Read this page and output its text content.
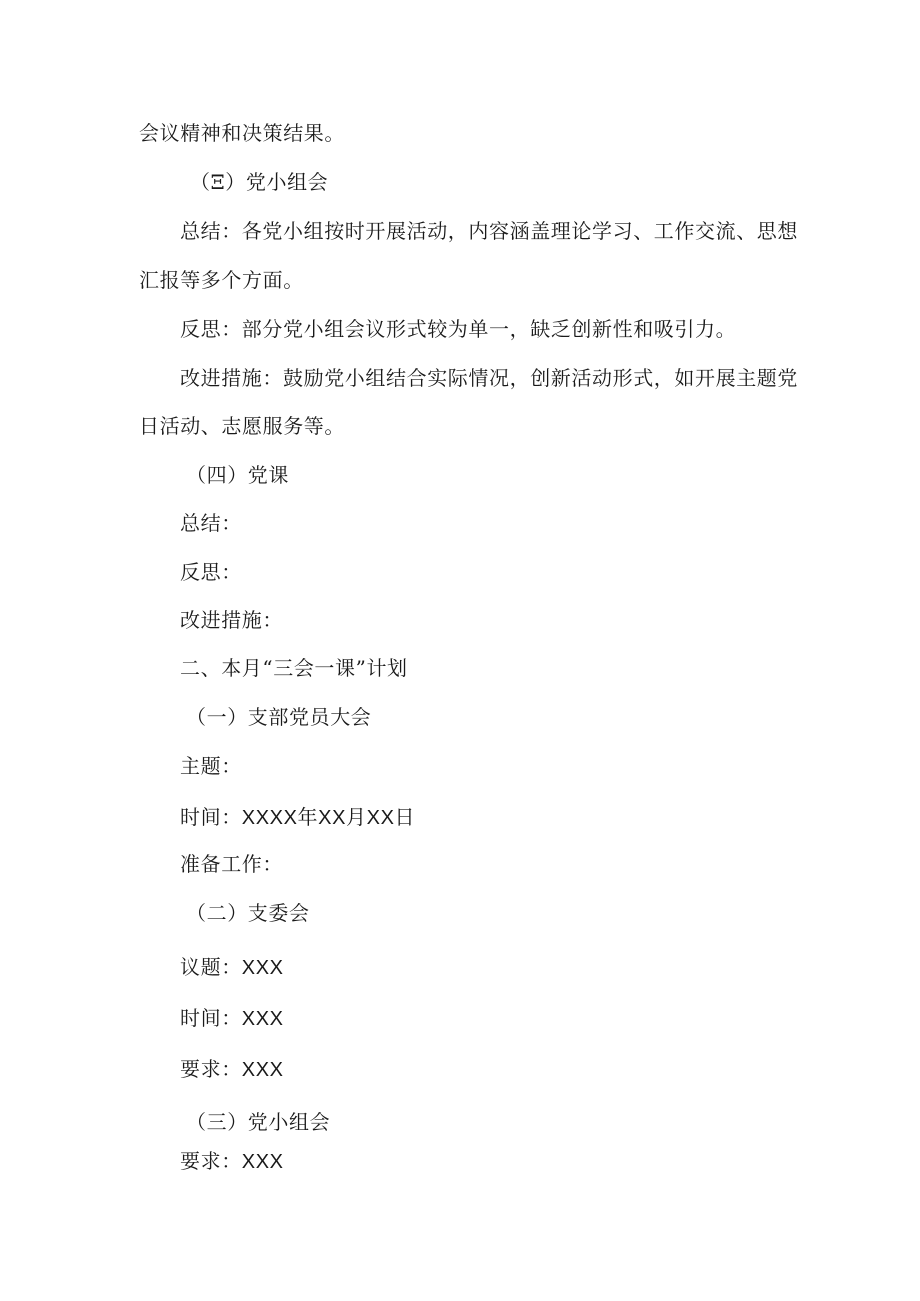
会议精神和决策结果。
（Ξ）党小组会
总结：各党小组按时开展活动，内容涵盖理论学习、工作交流、思想
汇报等多个方面。
反思：部分党小组会议形式较为单一，缺乏创新性和吸引力。
改进措施：鼓励党小组结合实际情况，创新活动形式，如开展主题党
日活动、志愿服务等。
（四）党课
总结：
反思：
改进措施：
二、本月“三会一课”计划
（一）支部党员大会
主题：
时间：XXXX年XX月XX日
准备工作：
（二）支委会
议题：XXX
时间：XXX
要求：XXX
（三）党小组会
要求：XXX
